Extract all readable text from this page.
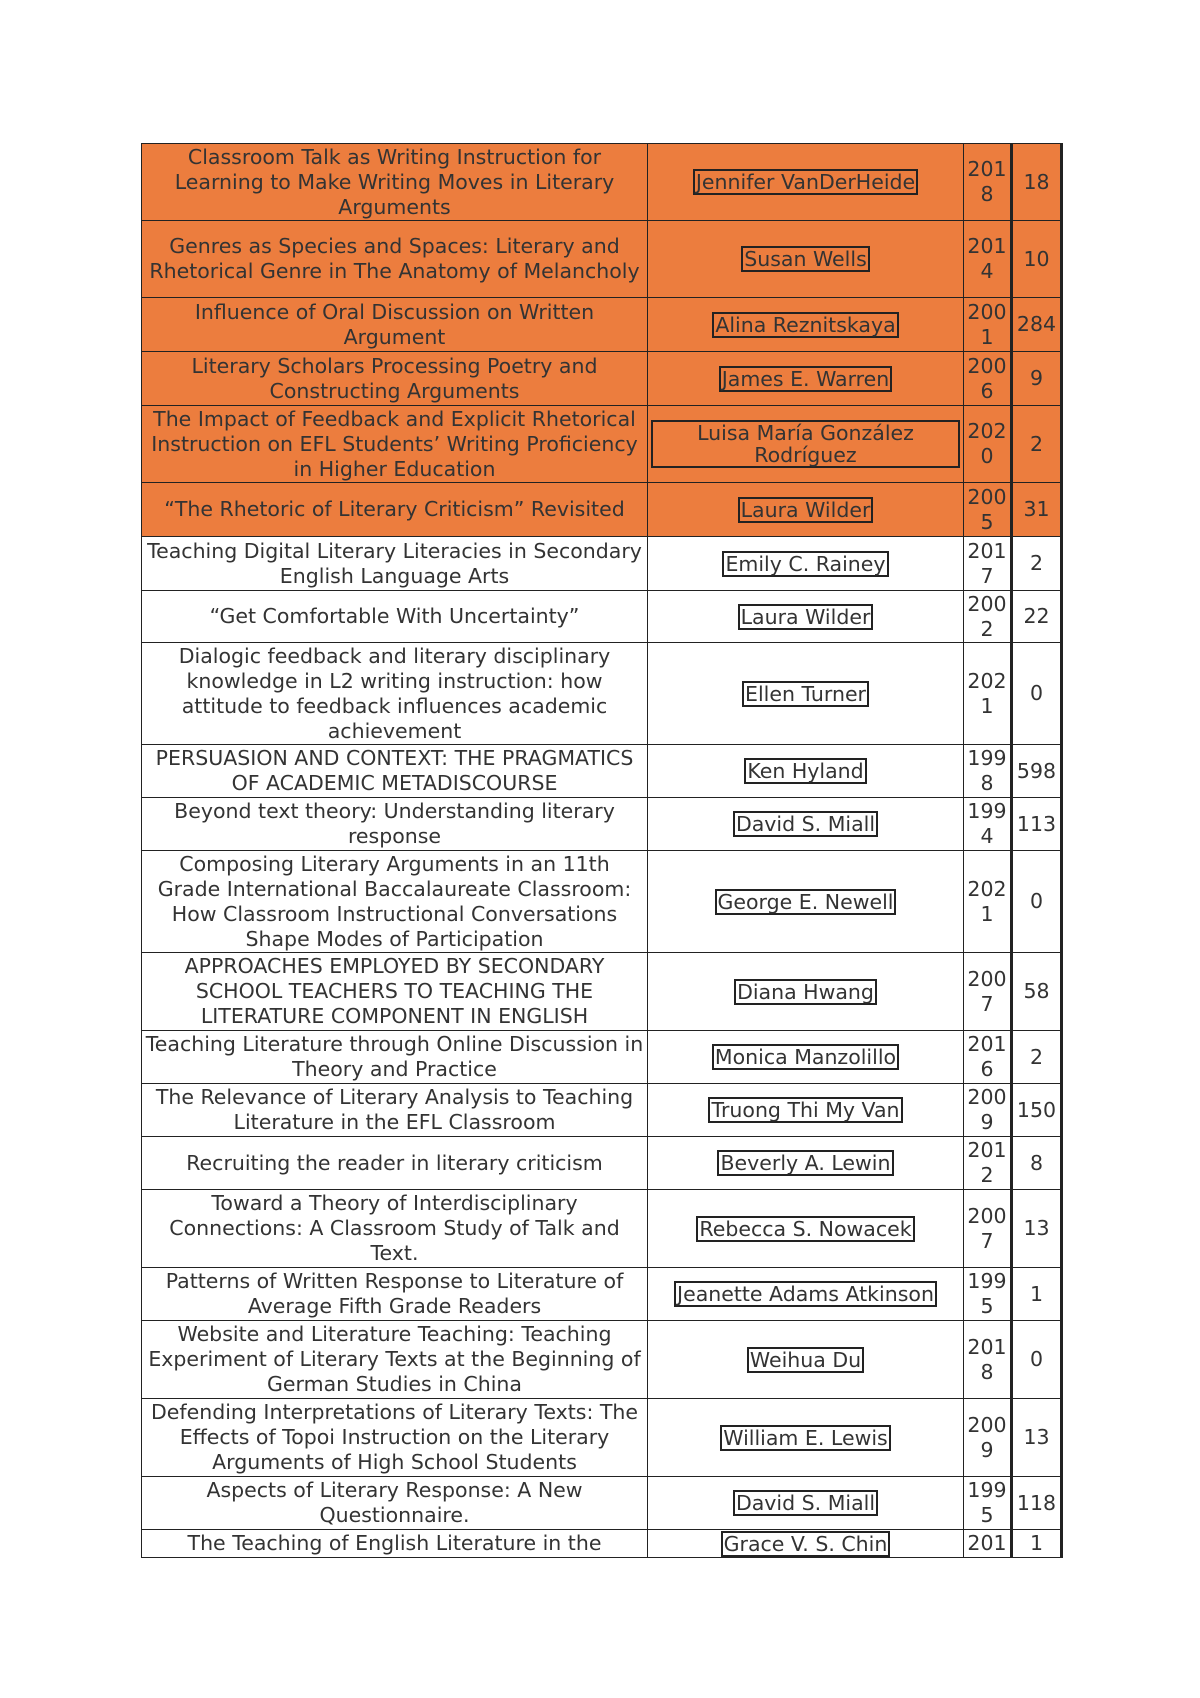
Classroom Talk as Writing Instruction for Learning to Make Writing Moves in Literary Arguments	Jennifer VanDerHeide	2018	18
Genres as Species and Spaces: Literary and Rhetorical Genre in The Anatomy of Melancholy	Susan Wells	2014	10
Influence of Oral Discussion on Written Argument	Alina Reznitskaya	2001	284
Literary Scholars Processing Poetry and Constructing Arguments	James E. Warren	2006	9
The Impact of Feedback and Explicit Rhetorical Instruction on EFL Students’ Writing Proficiency in Higher Education	Luisa María González Rodríguez	2020	2
“The Rhetoric of Literary Criticism” Revisited	Laura Wilder	2005	31
Teaching Digital Literary Literacies in Secondary English Language Arts	Emily C. Rainey	2017	2
“Get Comfortable With Uncertainty”	Laura Wilder	2002	22
Dialogic feedback and literary disciplinary knowledge in L2 writing instruction: how attitude to feedback influences academic achievement	Ellen Turner	2021	0
PERSUASION AND CONTEXT: THE PRAGMATICS OF ACADEMIC METADISCOURSE	Ken Hyland	1998	598
Beyond text theory: Understanding literary response	David S. Miall	1994	113
Composing Literary Arguments in an 11th Grade International Baccalaureate Classroom: How Classroom Instructional Conversations Shape Modes of Participation	George E. Newell	2021	0
APPROACHES EMPLOYED BY SECONDARY SCHOOL TEACHERS TO TEACHING THE LITERATURE COMPONENT IN ENGLISH	Diana Hwang	2007	58
Teaching Literature through Online Discussion in Theory and Practice	Monica Manzolillo	2016	2
The Relevance of Literary Analysis to Teaching Literature in the EFL Classroom	Truong Thi My Van	2009	150
Recruiting the reader in literary criticism	Beverly A. Lewin	2012	8
Toward a Theory of Interdisciplinary Connections: A Classroom Study of Talk and Text.	Rebecca S. Nowacek	2007	13
Patterns of Written Response to Literature of Average Fifth Grade Readers	Jeanette Adams Atkinson	1995	1
Website and Literature Teaching: Teaching Experiment of Literary Texts at the Beginning of German Studies in China	Weihua Du	2018	0
Defending Interpretations of Literary Texts: The Effects of Topoi Instruction on the Literary Arguments of High School Students	William E. Lewis	2009	13
Aspects of Literary Response: A New Questionnaire.	David S. Miall	1995	118
The Teaching of English Literature in the	Grace V. S. Chin	201	1
